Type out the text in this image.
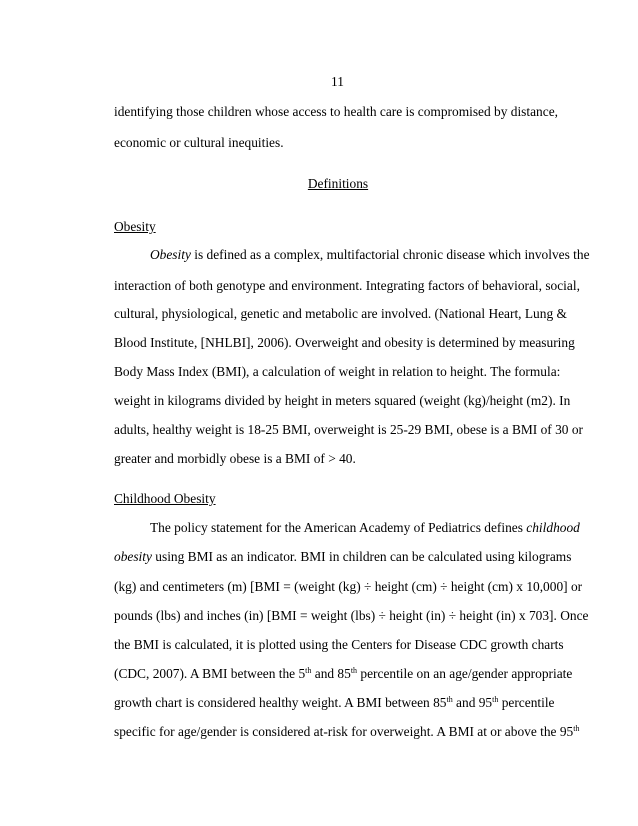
11
identifying those children whose access to health care is compromised by distance,
economic or cultural inequities.
Definitions
Obesity
Obesity is defined as a complex, multifactorial chronic disease which involves the
interaction of both genotype and environment. Integrating factors of behavioral, social,
cultural, physiological, genetic and metabolic are involved. (National Heart, Lung &
Blood Institute, [NHLBI], 2006). Overweight and obesity is determined by measuring
Body Mass Index (BMI), a calculation of weight in relation to height. The formula:
weight in kilograms divided by height in meters squared (weight (kg)/height (m2). In
adults, healthy weight is 18-25 BMI, overweight is 25-29 BMI, obese is a BMI of 30 or
greater and morbidly obese is a BMI of > 40.
Childhood Obesity
The policy statement for the American Academy of Pediatrics defines childhood
obesity using BMI as an indicator. BMI in children can be calculated using kilograms
(kg) and centimeters (m) [BMI = (weight (kg) ÷ height (cm) ÷ height (cm) x 10,000] or
pounds (lbs) and inches (in) [BMI = weight (lbs) ÷ height (in) ÷ height (in) x 703]. Once
the BMI is calculated, it is plotted using the Centers for Disease CDC growth charts
(CDC, 2007). A BMI between the 5th and 85th percentile on an age/gender appropriate
growth chart is considered healthy weight. A BMI between 85th and 95th percentile
specific for age/gender is considered at-risk for overweight. A BMI at or above the 95th
